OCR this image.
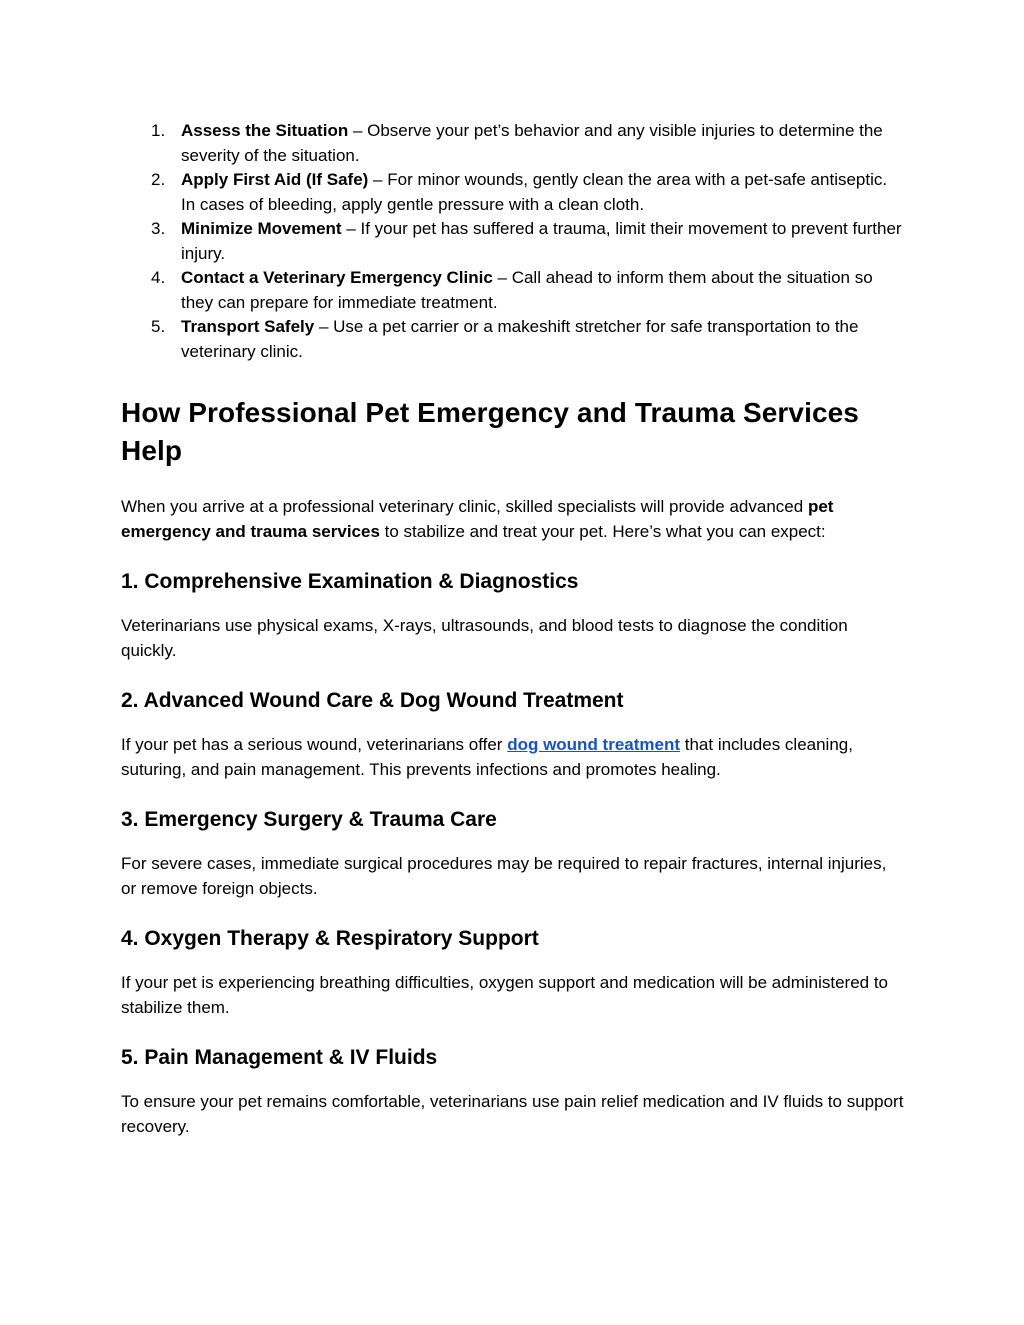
1. Assess the Situation – Observe your pet’s behavior and any visible injuries to determine the severity of the situation.
2. Apply First Aid (If Safe) – For minor wounds, gently clean the area with a pet-safe antiseptic. In cases of bleeding, apply gentle pressure with a clean cloth.
3. Minimize Movement – If your pet has suffered a trauma, limit their movement to prevent further injury.
4. Contact a Veterinary Emergency Clinic – Call ahead to inform them about the situation so they can prepare for immediate treatment.
5. Transport Safely – Use a pet carrier or a makeshift stretcher for safe transportation to the veterinary clinic.
How Professional Pet Emergency and Trauma Services Help

When you arrive at a professional veterinary clinic, skilled specialists will provide advanced pet emergency and trauma services to stabilize and treat your pet. Here’s what you can expect:

1. Comprehensive Examination & Diagnostics

Veterinarians use physical exams, X-rays, ultrasounds, and blood tests to diagnose the condition quickly.

2. Advanced Wound Care & Dog Wound Treatment

If your pet has a serious wound, veterinarians offer dog wound treatment that includes cleaning, suturing, and pain management. This prevents infections and promotes healing.

3. Emergency Surgery & Trauma Care

For severe cases, immediate surgical procedures may be required to repair fractures, internal injuries, or remove foreign objects.

4. Oxygen Therapy & Respiratory Support

If your pet is experiencing breathing difficulties, oxygen support and medication will be administered to stabilize them.

5. Pain Management & IV Fluids

To ensure your pet remains comfortable, veterinarians use pain relief medication and IV fluids to support recovery.
